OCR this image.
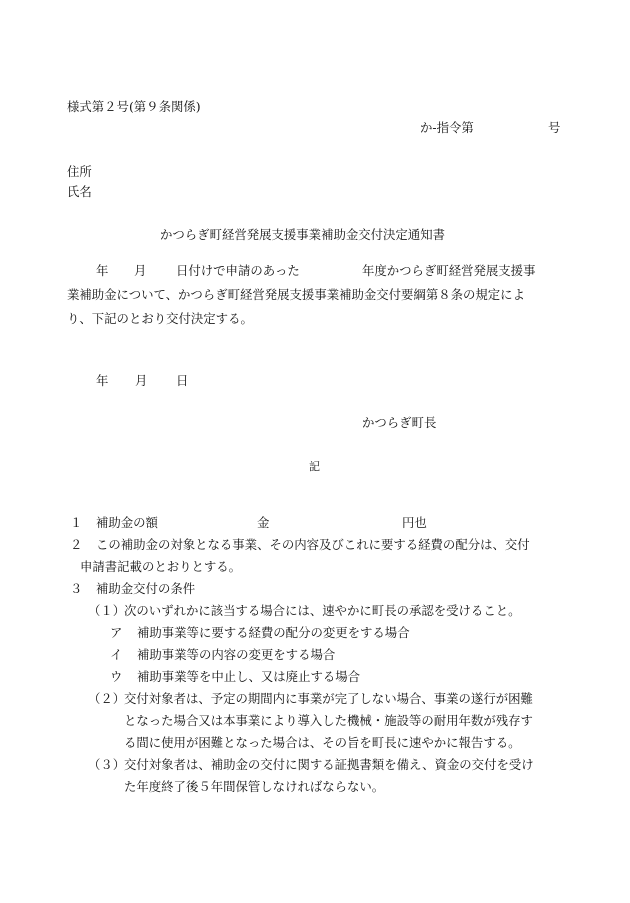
様式第２号(第９条関係)
か-指令第	号
住所
氏名
かつらぎ町経営発展支援事業補助金交付決定通知書
年 月 日付けで申請のあった	年度かつらぎ町経営発展支援事
業補助金について、かつらぎ町経営発展支援事業補助金交付要綱第８条の規定によ
り、下記のとおり交付決定する。
年 月 日
かつらぎ町長
記
１ 補助金の額	金	円也
２ この補助金の対象となる事業、その内容及びこれに要する経費の配分は、交付
申請書記載のとおりとする。
３ 補助金交付の条件
（１）
次のいずれかに該当する場合には、速やかに町長の承認を受けること。
ア 補助事業等に要する経費の配分の変更をする場合
イ 補助事業等の内容の変更をする場合
ウ 補助事業等を中止し、又は廃止する場合
（２）
交付対象者は、予定の期間内に事業が完了しない場合、事業の遂行が困難
となった場合又は本事業により導入した機械・施設等の耐用年数が残存す
る間に使用が困難となった場合は、その旨を町長に速やかに報告する。
（３）
交付対象者は、補助金の交付に関する証拠書類を備え、資金の交付を受け
た年度終了後５年間保管しなければならない。
